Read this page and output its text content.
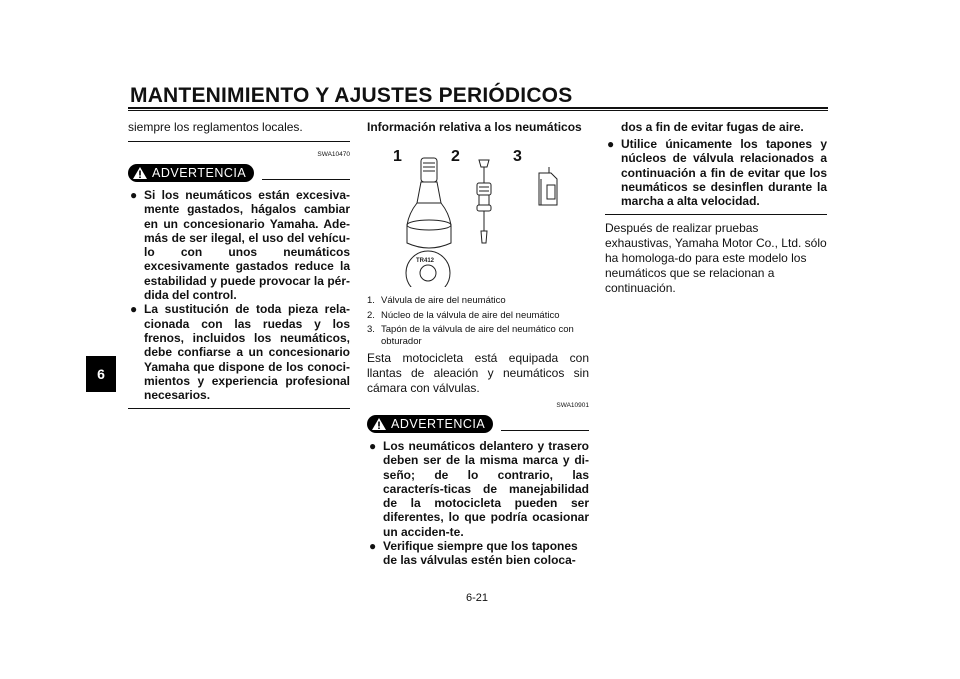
MANTENIMIENTO Y AJUSTES PERIÓDICOS
6

siempre los reglamentos locales.

SWA10470
ADVERTENCIA
● Si los neumáticos están excesiva-mente gastados, hágalos cambiar en un concesionario Yamaha. Ade-más de ser ilegal, el uso del vehícu-lo con unos neumáticos excesivamente gastados reduce la estabilidad y puede provocar la pér-dida del control.
● La sustitución de toda pieza rela-cionada con las ruedas y los frenos, incluidos los neumáticos, debe confiarse a un concesionario Yamaha que dispone de los conoci-mientos y experiencia profesional necesarios.

Información relativa a los neumáticos

1	2	3
TR412
1. Válvula de aire del neumático
2. Núcleo de la válvula de aire del neumático
3. Tapón de la válvula de aire del neumático con obturador

Esta motocicleta está equipada con llantas de aleación y neumáticos sin cámara con válvulas.

SWA10901
ADVERTENCIA
● Los neumáticos delantero y trasero deben ser de la misma marca y di-seño; de lo contrario, las caracterís-ticas de manejabilidad de la motocicleta pueden ser diferentes, lo que podría ocasionar un acciden-te.
● Verifique siempre que los tapones de las válvulas estén bien coloca-

dos a fin de evitar fugas de aire.

● Utilice únicamente los tapones y núcleos de válvula relacionados a continuación a fin de evitar que los neumáticos se desinflen durante la marcha a alta velocidad.

Después de realizar pruebas exhaustivas, Yamaha Motor Co., Ltd. sólo ha homologa-do para este modelo los neumáticos que se relacionan a continuación.

6-21
